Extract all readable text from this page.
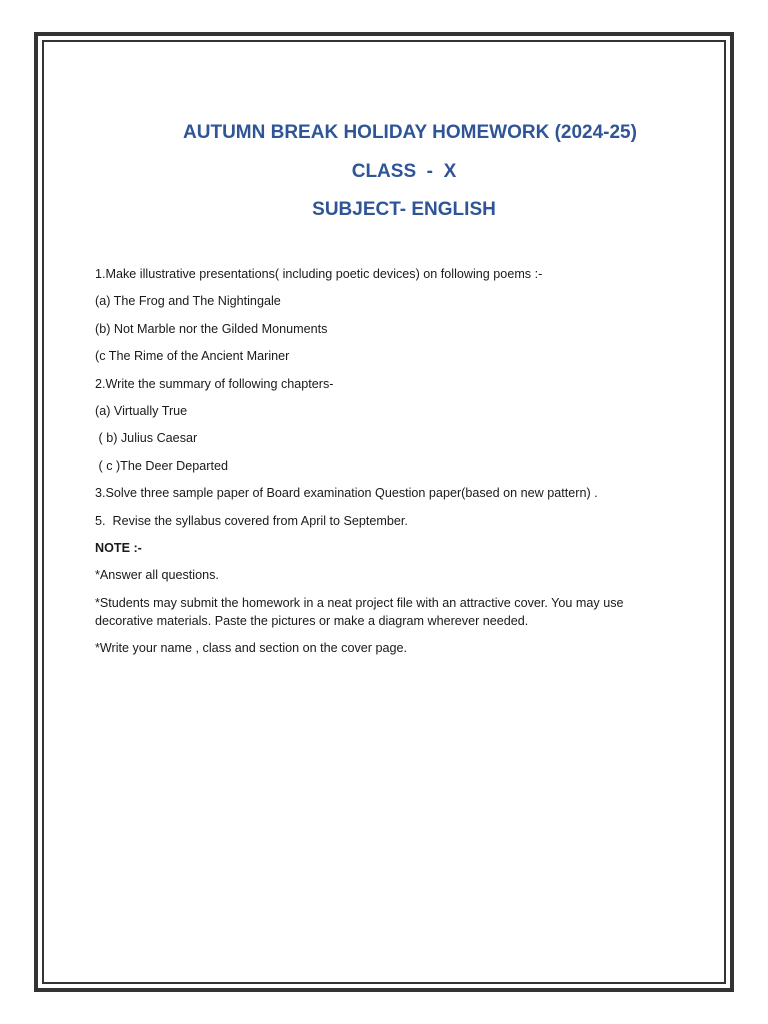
AUTUMN BREAK HOLIDAY HOMEWORK (2024-25)
CLASS  -  X
SUBJECT- ENGLISH

1.Make illustrative presentations( including poetic devices) on following poems :-

(a) The Frog and The Nightingale

(b) Not Marble nor the Gilded Monuments

(c The Rime of the Ancient Mariner

2.Write the summary of following chapters-

(a) Virtually True

( b) Julius Caesar

( c )The Deer Departed

3.Solve three sample paper of Board examination Question paper(based on new pattern) .

5.  Revise the syllabus covered from April to September.

NOTE :-

*Answer all questions.

*Students may submit the homework in a neat project file with an attractive cover. You may use decorative materials. Paste the pictures or make a diagram wherever needed.

*Write your name , class and section on the cover page.
